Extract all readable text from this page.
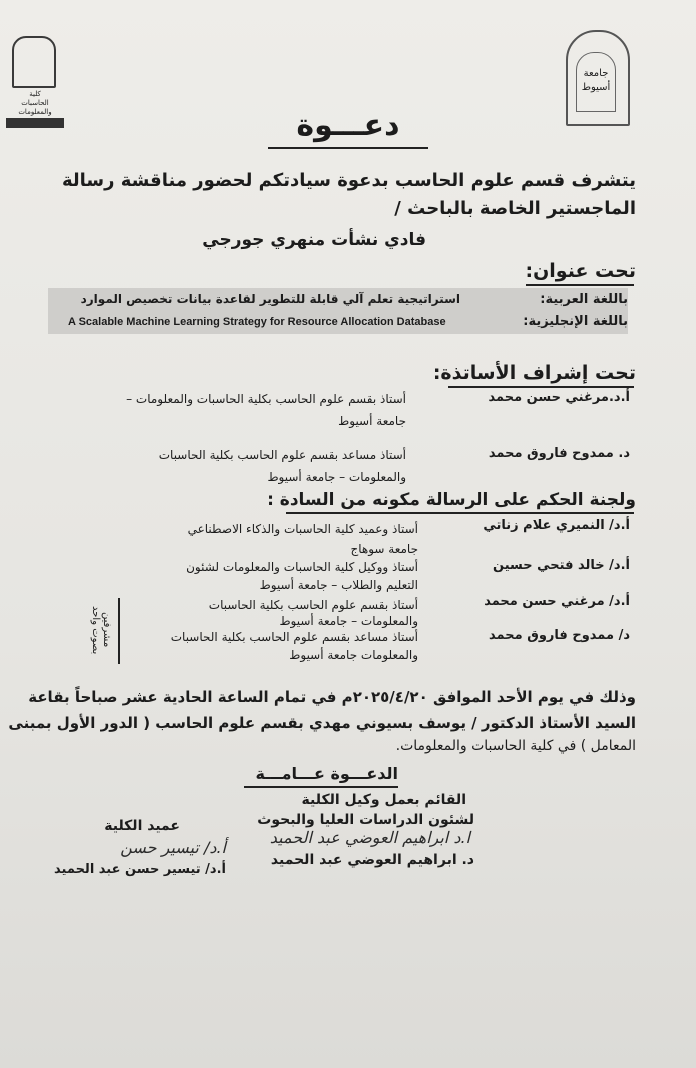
كلية
الحاسبات والمعلومات
جامعة أسيوط
دعـــوة
يتشرف قسم علوم الحاسب بدعوة سيادتكم لحضور مناقشة رسالة
الماجستير الخاصة بالباحث /
فادي نشأت منهري جورجي
تحت عنوان:
باللغة العربية:
استراتيجية تعلم آلي قابلة للتطوير لقاعدة بيانات تخصيص الموارد
باللغة الإنجليزية:
A Scalable Machine Learning Strategy for Resource Allocation Database
تحت إشراف الأساتذة:
أ.د.مرغني حسن محمد
أستاذ بقسم علوم الحاسب بكلية الحاسبات والمعلومات –
جامعة أسيوط
د. ممدوح فاروق محمد
أستاذ مساعد بقسم علوم الحاسب بكلية الحاسبات
والمعلومات – جامعة أسيوط
ولجنة الحكم على الرسالة مكونه من السادة :
أ.د/ النميري علام زناتي
أستاذ وعميد كلية الحاسبات والذكاء الاصطناعي
جامعة سوهاج
أ.د/ خالد فتحي حسين
أستاذ ووكيل كلية الحاسبات والمعلومات لشئون
التعليم والطلاب – جامعة أسيوط
أ.د/ مرغني حسن محمد
أستاذ بقسم علوم الحاسب بكلية الحاسبات
والمعلومات – جامعة أسيوط
د/ ممدوح فاروق محمد
أستاذ مساعد بقسم علوم الحاسب بكلية الحاسبات
والمعلومات جامعة أسيوط
مشرفين بصوت واحد
وذلك في يوم الأحد الموافق ٢٠٢٥/٤/٢٠م في تمام الساعة الحادية عشر صباحاً بقاعة
السيد الأستاذ الدكتور / يوسف بسيوني مهدي بقسم علوم الحاسب ( الدور الأول بمبنى
المعامل ) في كلية الحاسبات والمعلومات.
الدعـــوة عـــامـــة
القائم بعمل وكيل الكلية
لشئون الدراسات العليا والبحوث
ا.د ابراهيم العوضي عبد الحميد
د. ابراهيم العوضي عبد الحميد
عميد الكلية
أ.د/ تيسير حسن
أ.د/ تيسير حسن عبد الحميد
